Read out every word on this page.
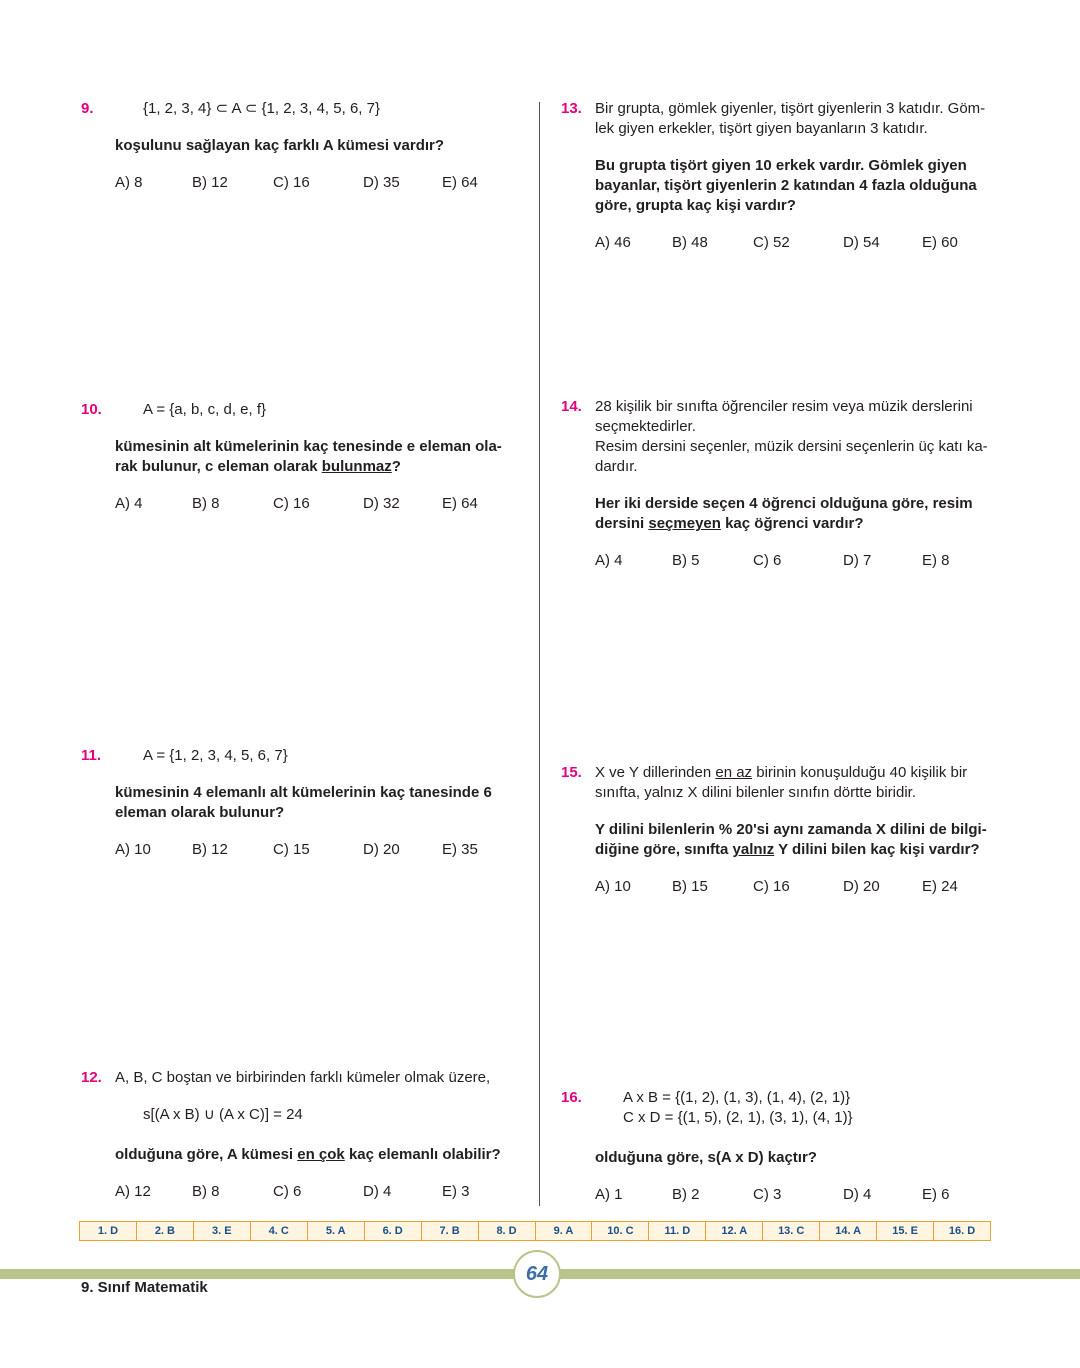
9.	{1, 2, 3, 4} ⊂ A ⊂ {1, 2, 3, 4, 5, 6, 7}
koşulunu sağlayan kaç farklı A kümesi vardır?
A) 8	B) 12	C) 16	D) 35	E) 64
10.	A = {a, b, c, d, e, f}
kümesinin alt kümelerinin kaç tenesinde e eleman ola-
rak bulunur, c eleman olarak bulunmaz?
A) 4	B) 8	C) 16	D) 32	E) 64
11.	A = {1, 2, 3, 4, 5, 6, 7}
kümesinin 4 elemanlı alt kümelerinin kaç tanesinde 6
eleman olarak bulunur?
A) 10	B) 12	C) 15	D) 20	E) 35
12. A, B, C boştan ve birbirinden farklı kümeler olmak üzere,
s[(A x B) ∪ (A x C)] = 24
olduğuna göre, A kümesi en çok kaç elemanlı olabilir?
A) 12	B) 8	C) 6	D) 4	E) 3
13. Bir grupta, gömlek giyenler, tişört giyenlerin 3 katıdır. Göm-
lek giyen erkekler, tişört giyen bayanların 3 katıdır.
Bu grupta tişört giyen 10 erkek vardır. Gömlek giyen
bayanlar, tişört giyenlerin 2 katından 4 fazla olduğuna
göre, grupta kaç kişi vardır?
A) 46	B) 48	C) 52	D) 54	E) 60
14. 28 kişilik bir sınıfta öğrenciler resim veya müzik derslerini
seçmektedirler.
Resim dersini seçenler, müzik dersini seçenlerin üç katı ka-
dardır.
Her iki derside seçen 4 öğrenci olduğuna göre, resim
dersini seçmeyen kaç öğrenci vardır?
A) 4	B) 5	C) 6	D) 7	E) 8
15. X ve Y dillerinden en az birinin konuşulduğu 40 kişilik bir
sınıfta, yalnız X dilini bilenler sınıfın dörtte biridir.
Y dilini bilenlerin % 20'si aynı zamanda X dilini de bilgi-
diğine göre, sınıfta yalnız Y dilini bilen kaç kişi vardır?
A) 10	B) 15	C) 16	D) 20	E) 24
16.	A x B = {(1, 2), (1, 3), (1, 4), (2, 1)}
C x D = {(1, 5), (2, 1), (3, 1), (4, 1)}
olduğuna göre, s(A x D) kaçtır?
A) 1	B) 2	C) 3	D) 4	E) 6
1. D	2. B	3. E	4. C	5. A	6. D	7. B	8. D	9. A	10. C	11. D	12. A	13. C	14. A	15. E	16. D
64
9. Sınıf Matematik
